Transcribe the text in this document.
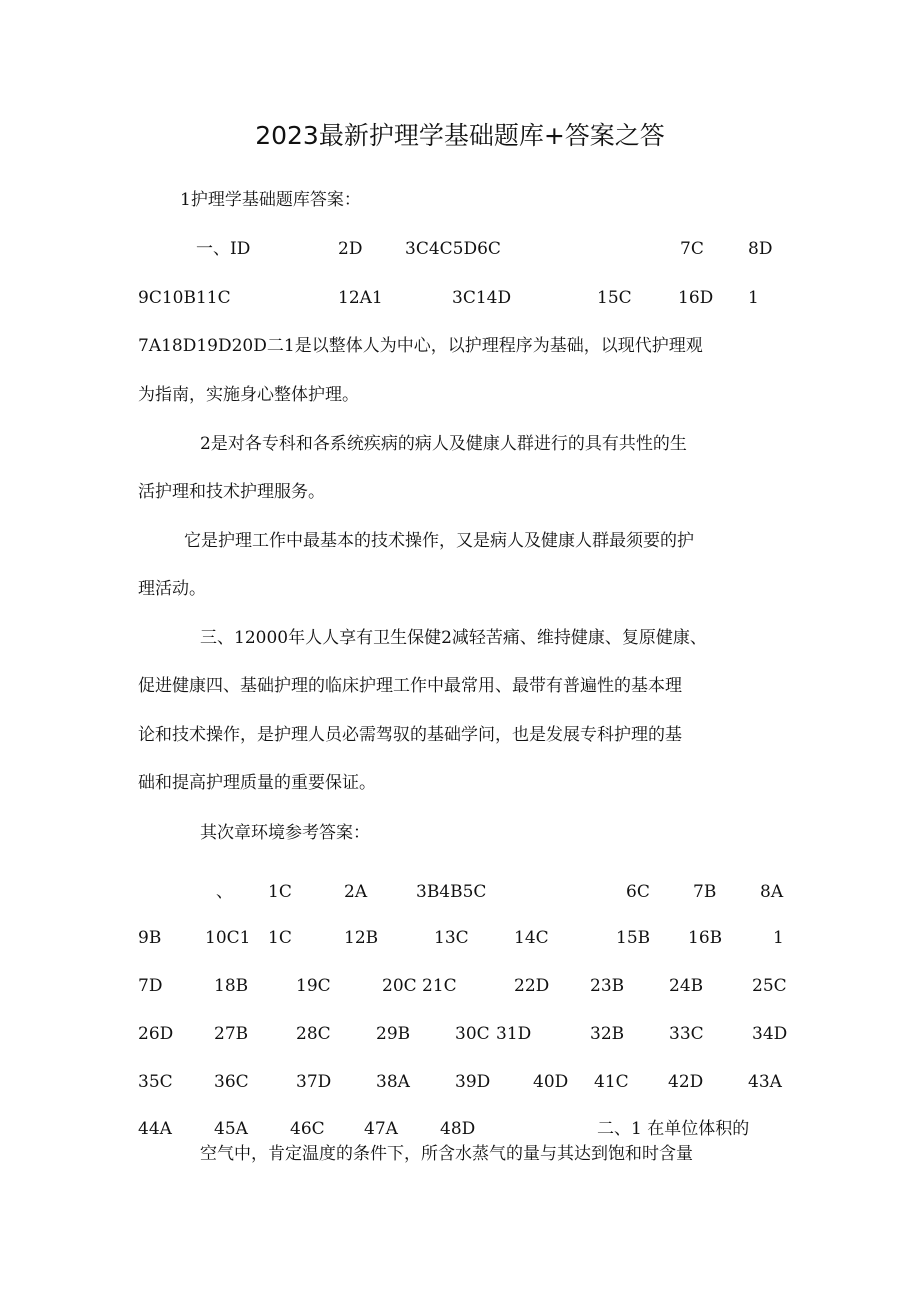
2023最新护理学基础题库+答案之答
1护理学基础题库答案：
一、ID	2D	3C4C5D6C	7C	8D
9C10B11C	12A1	3C14D	15C	16D 1
7A18D19D20D二1是以整体人为中心，以护理程序为基础，以现代护理观
为指南，实施身心整体护理。
2是对各专科和各系统疾病的病人及健康人群进行的具有共性的生
活护理和技术护理服务。
它是护理工作中最基本的技术操作，又是病人及健康人群最须要的护
理活动。
三、12000年人人享有卫生保健2减轻苦痛、维持健康、复原健康、
促进健康四、基础护理的临床护理工作中最常用、最带有普遍性的基本理
论和技术操作，是护理人员必需驾驭的基础学问，也是发展专科护理的基
础和提高护理质量的重要保证。
其次章环境参考答案：
、 1C	2A	3B4B5C	6C	7B	8A
9B	10C1 1C	12B	13C	14C	15B 16B	1
7D	18B	19C	20C 21C	22D 23B	24B	25C
26D 27B	28C	29B	30C 31D	32B	33C	34D
35C 36C	37D	38A	39D	40D 41C 42D	43A
44A 45A 46C 47A 48D	二、1 在单位体积的
空气中，肯定温度的条件下，所含水蒸气的量与其达到饱和时含量
